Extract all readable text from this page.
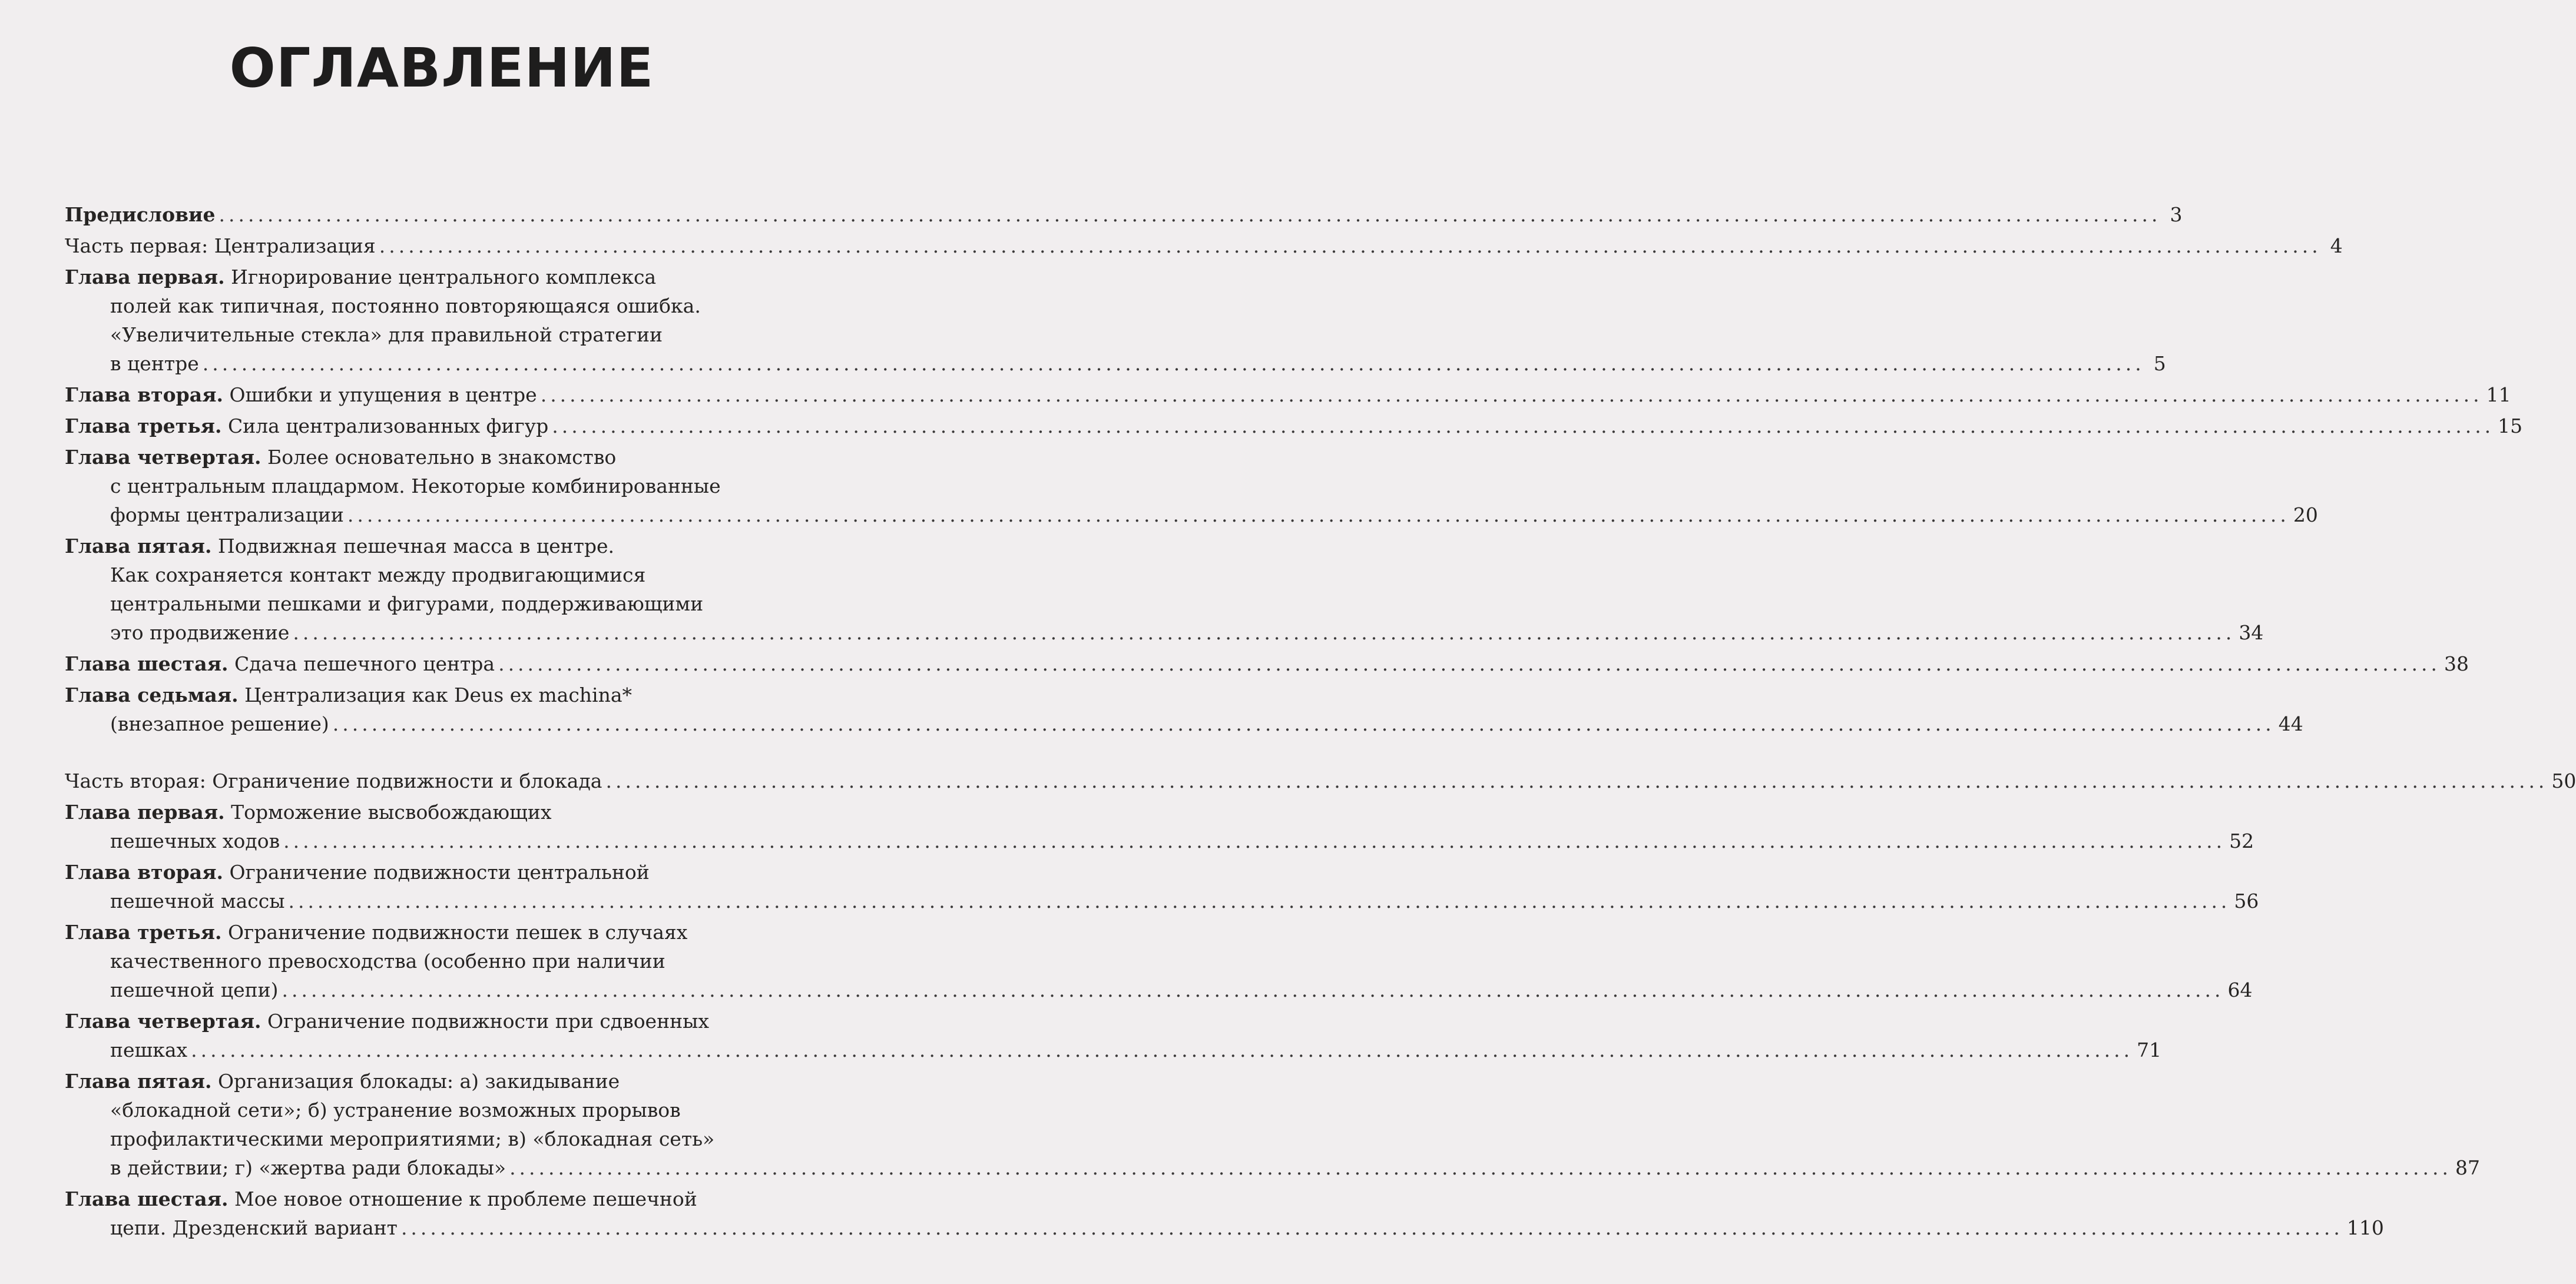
ОГЛАВЛЕНИЕ
Предисловие ........................................................................................................................................................................................................ 3
Часть первая: Централизация ........................................................................................................................................................................................................ 4
Глава первая. Игнорирование центрального комплекса
полей как типичная, постоянно повторяющаяся ошибка.
«Увеличительные стекла» для правильной стратегии
в центре ........................................................................................................................................................................................................ 5
Глава вторая. Ошибки и упущения в центре ........................................................................................................................................................................................................ 11
Глава третья. Сила централизованных фигур ........................................................................................................................................................................................................ 15
Глава четвертая. Более основательно в знакомство
с центральным плацдармом. Некоторые комбинированные
формы централизации ........................................................................................................................................................................................................ 20
Глава пятая. Подвижная пешечная масса в центре.
Как сохраняется контакт между продвигающимися
центральными пешками и фигурами, поддерживающими
это продвижение ........................................................................................................................................................................................................ 34
Глава шестая. Сдача пешечного центра ........................................................................................................................................................................................................ 38
Глава седьмая. Централизация как Deus ex machina*
(внезапное решение) ........................................................................................................................................................................................................ 44
Часть вторая: Ограничение подвижности и блокада ........................................................................................................................................................................................................ 50
Глава первая. Торможение высвобождающих
пешечных ходов ........................................................................................................................................................................................................ 52
Глава вторая. Ограничение подвижности центральной
пешечной массы ........................................................................................................................................................................................................ 56
Глава третья. Ограничение подвижности пешек в случаях
качественного превосходства (особенно при наличии
пешечной цепи) ........................................................................................................................................................................................................ 64
Глава четвертая. Ограничение подвижности при сдвоенных
пешках ........................................................................................................................................................................................................ 71
Глава пятая. Организация блокады: а) закидывание
«блокадной сети»; б) устранение возможных прорывов
профилактическими мероприятиями; в) «блокадная сеть»
в действии; г) «жертва ради блокады» ........................................................................................................................................................................................................ 87
Глава шестая. Мое новое отношение к проблеме пешечной
цепи. Дрезденский вариант ........................................................................................................................................................................................................ 110
